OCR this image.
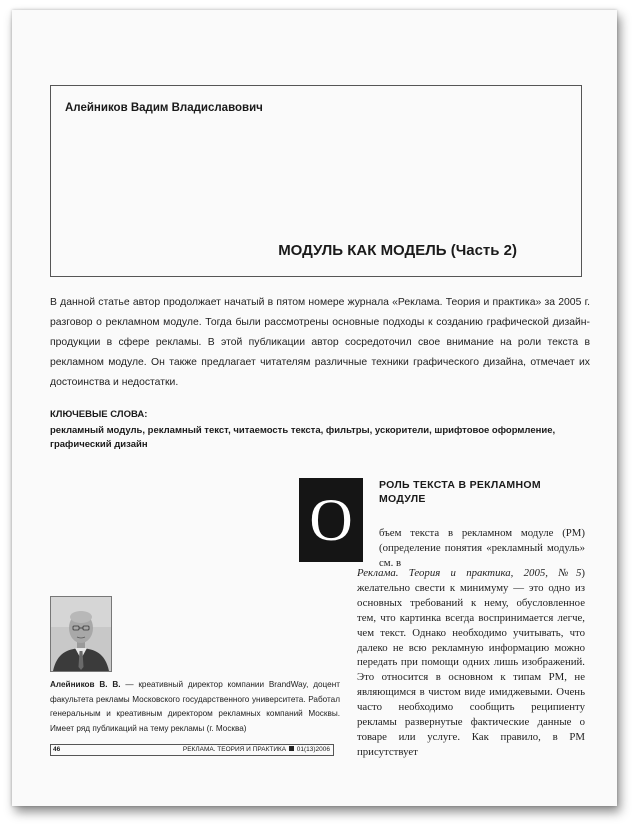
Алейников Вадим Владиславович
МОДУЛЬ КАК МОДЕЛЬ (Часть 2)
В данной статье автор продолжает начатый в пятом номере журнала «Реклама. Теория и практика» за 2005 г. разговор о рекламном модуле. Тогда были рассмотрены основные подходы к созданию графической дизайн-продукции в сфере рекламы. В этой публикации автор сосредоточил свое внимание на роли текста в рекламном модуле. Он также предлагает читателям различные техники графического дизайна, отмечает их достоинства и недостатки.
КЛЮЧЕВЫЕ СЛОВА:
рекламный модуль, рекламный текст, читаемость текста, фильтры, ускорители, шрифтовое оформление, графический дизайн
О
РОЛЬ ТЕКСТА В РЕКЛАМНОМ МОДУЛЕ
бъем текста в рекламном модуле (РМ) (определение понятия «рекламный модуль» см. в
Реклама. Теория и практика, 2005, №5) желательно свести к минимуму — это одно из основных требований к нему, обусловленное тем, что картинка всегда воспринимается легче, чем текст. Однако необходимо учитывать, что далеко не всю рекламную информацию можно передать при помощи одних лишь изображений. Это относится в основном к типам РМ, не являющимся в чистом виде имиджевыми. Очень часто необходимо сообщить реципиенту рекламы развернутые фактические данные о товаре или услуге. Как правило, в РМ присутствует
Алейников В. В. — креативный директор компании BrandWay, доцент факультета рекламы Московского государственного университета. Работал генеральным и креативным директором рекламных компаний Москвы. Имеет ряд публикаций на тему рекламы (г. Москва)
46	РЕКЛАМА. ТЕОРИЯ И ПРАКТИКА 01(13)2006
